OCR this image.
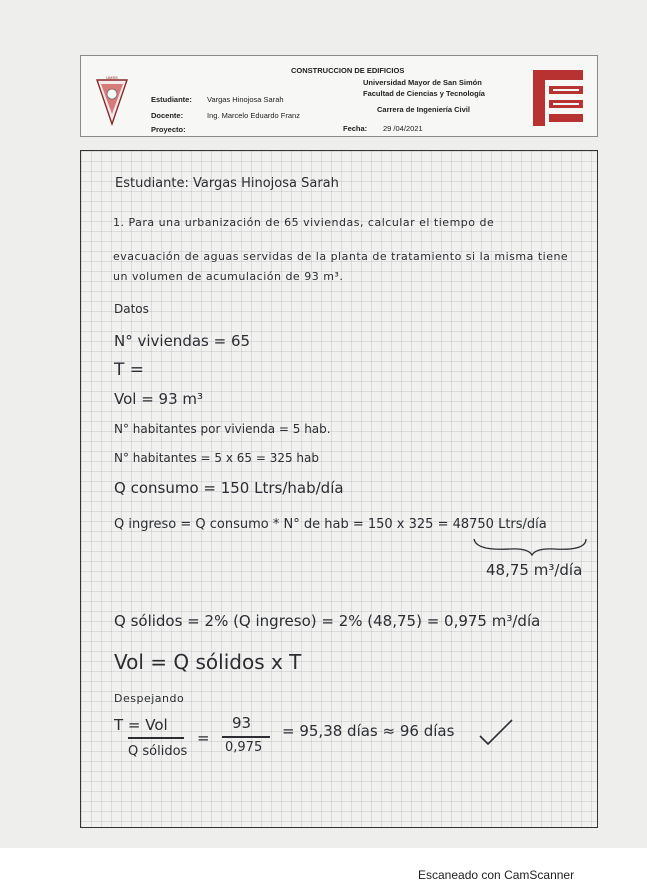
UMSS
CONSTRUCCION DE EDIFICIOS
Universidad Mayor de San Simón
Facultad de Ciencias y Tecnología
Carrera de Ingeniería Civil
Estudiante: Vargas Hinojosa Sarah
Docente:	Ing. Marcelo Eduardo Franz
Proyecto:	Fecha: 29 /04/2021
Estudiante: Vargas Hinojosa Sarah
1. Para una urbanización de 65 viviendas, calcular el tiempo de
evacuación de aguas servidas de la planta de tratamiento si la misma tiene
un volumen de acumulación de 93 m³.
Datos
N° viviendas = 65
T =
Vol = 93 m³
N° habitantes por vivienda = 5 hab.
N° habitantes = 5 x 65 = 325 hab
Q consumo = 150 Ltrs/hab/día
Q ingreso = Q consumo * N° de hab = 150 x 325 = 48750 Ltrs/día
48,75 m³/día
Q sólidos = 2% (Q ingreso) = 2% (48,75) = 0,975 m³/día
Vol = Q sólidos x T
Despejando
T = Vol
Q sólidos
=
93
0,975
= 95,38 días ≈ 96 días
Escaneado con CamScanner
